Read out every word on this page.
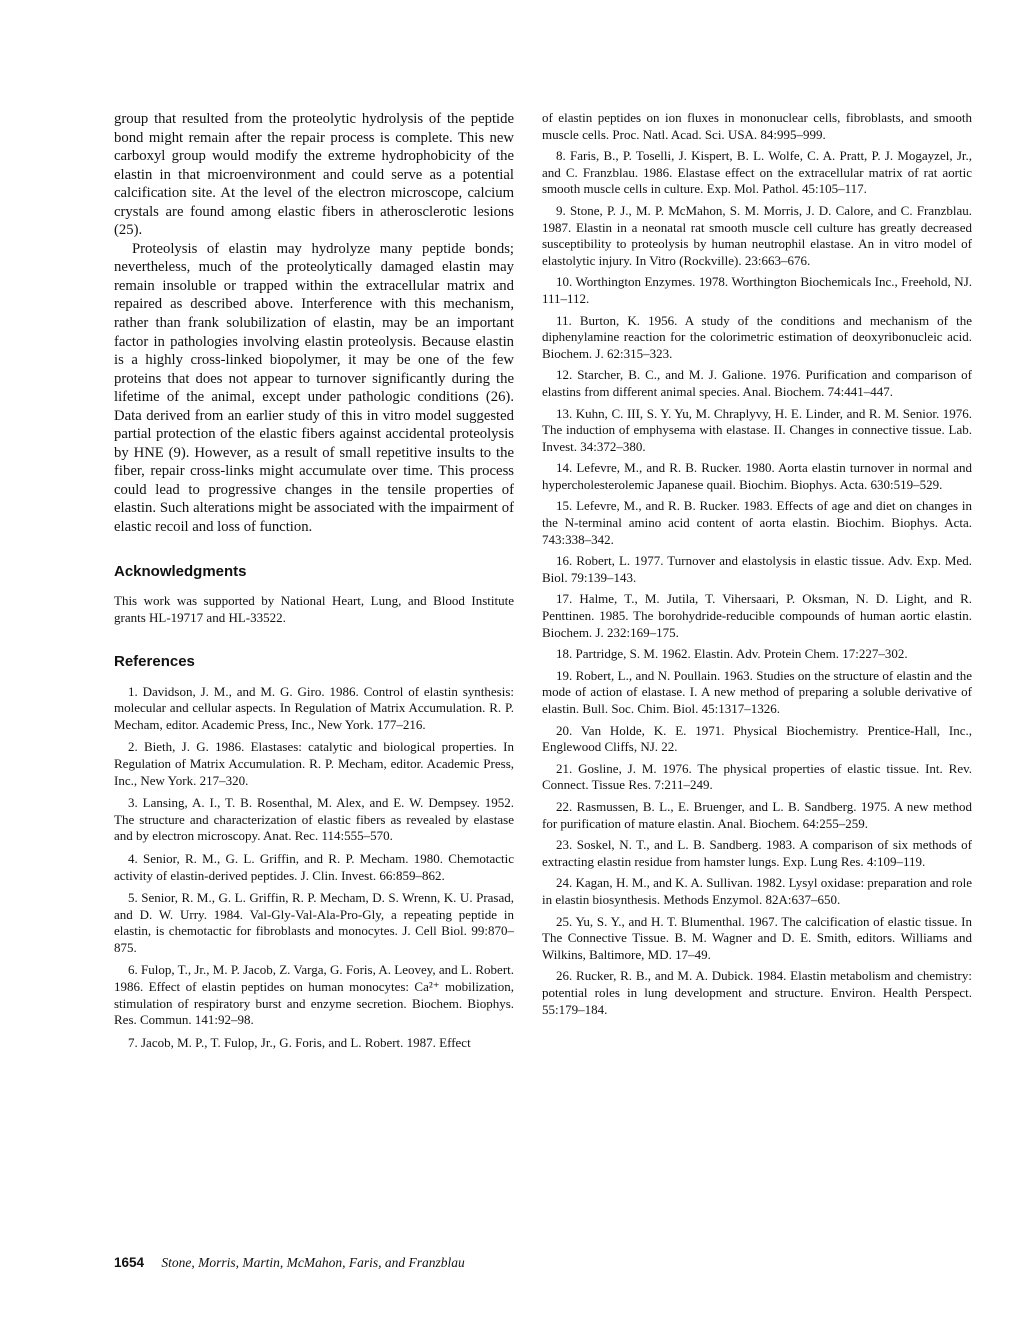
group that resulted from the proteolytic hydrolysis of the peptide bond might remain after the repair process is complete. This new carboxyl group would modify the extreme hydrophobicity of the elastin in that microenvironment and could serve as a potential calcification site. At the level of the electron microscope, calcium crystals are found among elastic fibers in atherosclerotic lesions (25).

Proteolysis of elastin may hydrolyze many peptide bonds; nevertheless, much of the proteolytically damaged elastin may remain insoluble or trapped within the extracellular matrix and repaired as described above. Interference with this mechanism, rather than frank solubilization of elastin, may be an important factor in pathologies involving elastin proteolysis. Because elastin is a highly cross-linked biopolymer, it may be one of the few proteins that does not appear to turnover significantly during the lifetime of the animal, except under pathologic conditions (26). Data derived from an earlier study of this in vitro model suggested partial protection of the elastic fibers against accidental proteolysis by HNE (9). However, as a result of small repetitive insults to the fiber, repair cross-links might accumulate over time. This process could lead to progressive changes in the tensile properties of elastin. Such alterations might be associated with the impairment of elastic recoil and loss of function.

Acknowledgments

This work was supported by National Heart, Lung, and Blood Institute grants HL-19717 and HL-33522.

References

1. Davidson, J. M., and M. G. Giro. 1986. Control of elastin synthesis: molecular and cellular aspects. In Regulation of Matrix Accumulation. R. P. Mecham, editor. Academic Press, Inc., New York. 177–216.

2. Bieth, J. G. 1986. Elastases: catalytic and biological properties. In Regulation of Matrix Accumulation. R. P. Mecham, editor. Academic Press, Inc., New York. 217–320.

3. Lansing, A. I., T. B. Rosenthal, M. Alex, and E. W. Dempsey. 1952. The structure and characterization of elastic fibers as revealed by elastase and by electron microscopy. Anat. Rec. 114:555–570.

4. Senior, R. M., G. L. Griffin, and R. P. Mecham. 1980. Chemotactic activity of elastin-derived peptides. J. Clin. Invest. 66:859–862.

5. Senior, R. M., G. L. Griffin, R. P. Mecham, D. S. Wrenn, K. U. Prasad, and D. W. Urry. 1984. Val-Gly-Val-Ala-Pro-Gly, a repeating peptide in elastin, is chemotactic for fibroblasts and monocytes. J. Cell Biol. 99:870–875.

6. Fulop, T., Jr., M. P. Jacob, Z. Varga, G. Foris, A. Leovey, and L. Robert. 1986. Effect of elastin peptides on human monocytes: Ca²⁺ mobilization, stimulation of respiratory burst and enzyme secretion. Biochem. Biophys. Res. Commun. 141:92–98.

7. Jacob, M. P., T. Fulop, Jr., G. Foris, and L. Robert. 1987. Effect

of elastin peptides on ion fluxes in mononuclear cells, fibroblasts, and smooth muscle cells. Proc. Natl. Acad. Sci. USA. 84:995–999.

8. Faris, B., P. Toselli, J. Kispert, B. L. Wolfe, C. A. Pratt, P. J. Mogayzel, Jr., and C. Franzblau. 1986. Elastase effect on the extracellular matrix of rat aortic smooth muscle cells in culture. Exp. Mol. Pathol. 45:105–117.

9. Stone, P. J., M. P. McMahon, S. M. Morris, J. D. Calore, and C. Franzblau. 1987. Elastin in a neonatal rat smooth muscle cell culture has greatly decreased susceptibility to proteolysis by human neutrophil elastase. An in vitro model of elastolytic injury. In Vitro (Rockville). 23:663–676.

10. Worthington Enzymes. 1978. Worthington Biochemicals Inc., Freehold, NJ. 111–112.

11. Burton, K. 1956. A study of the conditions and mechanism of the diphenylamine reaction for the colorimetric estimation of deoxyribonucleic acid. Biochem. J. 62:315–323.

12. Starcher, B. C., and M. J. Galione. 1976. Purification and comparison of elastins from different animal species. Anal. Biochem. 74:441–447.

13. Kuhn, C. III, S. Y. Yu, M. Chraplyvy, H. E. Linder, and R. M. Senior. 1976. The induction of emphysema with elastase. II. Changes in connective tissue. Lab. Invest. 34:372–380.

14. Lefevre, M., and R. B. Rucker. 1980. Aorta elastin turnover in normal and hypercholesterolemic Japanese quail. Biochim. Biophys. Acta. 630:519–529.

15. Lefevre, M., and R. B. Rucker. 1983. Effects of age and diet on changes in the N-terminal amino acid content of aorta elastin. Biochim. Biophys. Acta. 743:338–342.

16. Robert, L. 1977. Turnover and elastolysis in elastic tissue. Adv. Exp. Med. Biol. 79:139–143.

17. Halme, T., M. Jutila, T. Vihersaari, P. Oksman, N. D. Light, and R. Penttinen. 1985. The borohydride-reducible compounds of human aortic elastin. Biochem. J. 232:169–175.

18. Partridge, S. M. 1962. Elastin. Adv. Protein Chem. 17:227–302.

19. Robert, L., and N. Poullain. 1963. Studies on the structure of elastin and the mode of action of elastase. I. A new method of preparing a soluble derivative of elastin. Bull. Soc. Chim. Biol. 45:1317–1326.

20. Van Holde, K. E. 1971. Physical Biochemistry. Prentice-Hall, Inc., Englewood Cliffs, NJ. 22.

21. Gosline, J. M. 1976. The physical properties of elastic tissue. Int. Rev. Connect. Tissue Res. 7:211–249.

22. Rasmussen, B. L., E. Bruenger, and L. B. Sandberg. 1975. A new method for purification of mature elastin. Anal. Biochem. 64:255–259.

23. Soskel, N. T., and L. B. Sandberg. 1983. A comparison of six methods of extracting elastin residue from hamster lungs. Exp. Lung Res. 4:109–119.

24. Kagan, H. M., and K. A. Sullivan. 1982. Lysyl oxidase: preparation and role in elastin biosynthesis. Methods Enzymol. 82A:637–650.

25. Yu, S. Y., and H. T. Blumenthal. 1967. The calcification of elastic tissue. In The Connective Tissue. B. M. Wagner and D. E. Smith, editors. Williams and Wilkins, Baltimore, MD. 17–49.

26. Rucker, R. B., and M. A. Dubick. 1984. Elastin metabolism and chemistry: potential roles in lung development and structure. Environ. Health Perspect. 55:179–184.

1654 Stone, Morris, Martin, McMahon, Faris, and Franzblau
